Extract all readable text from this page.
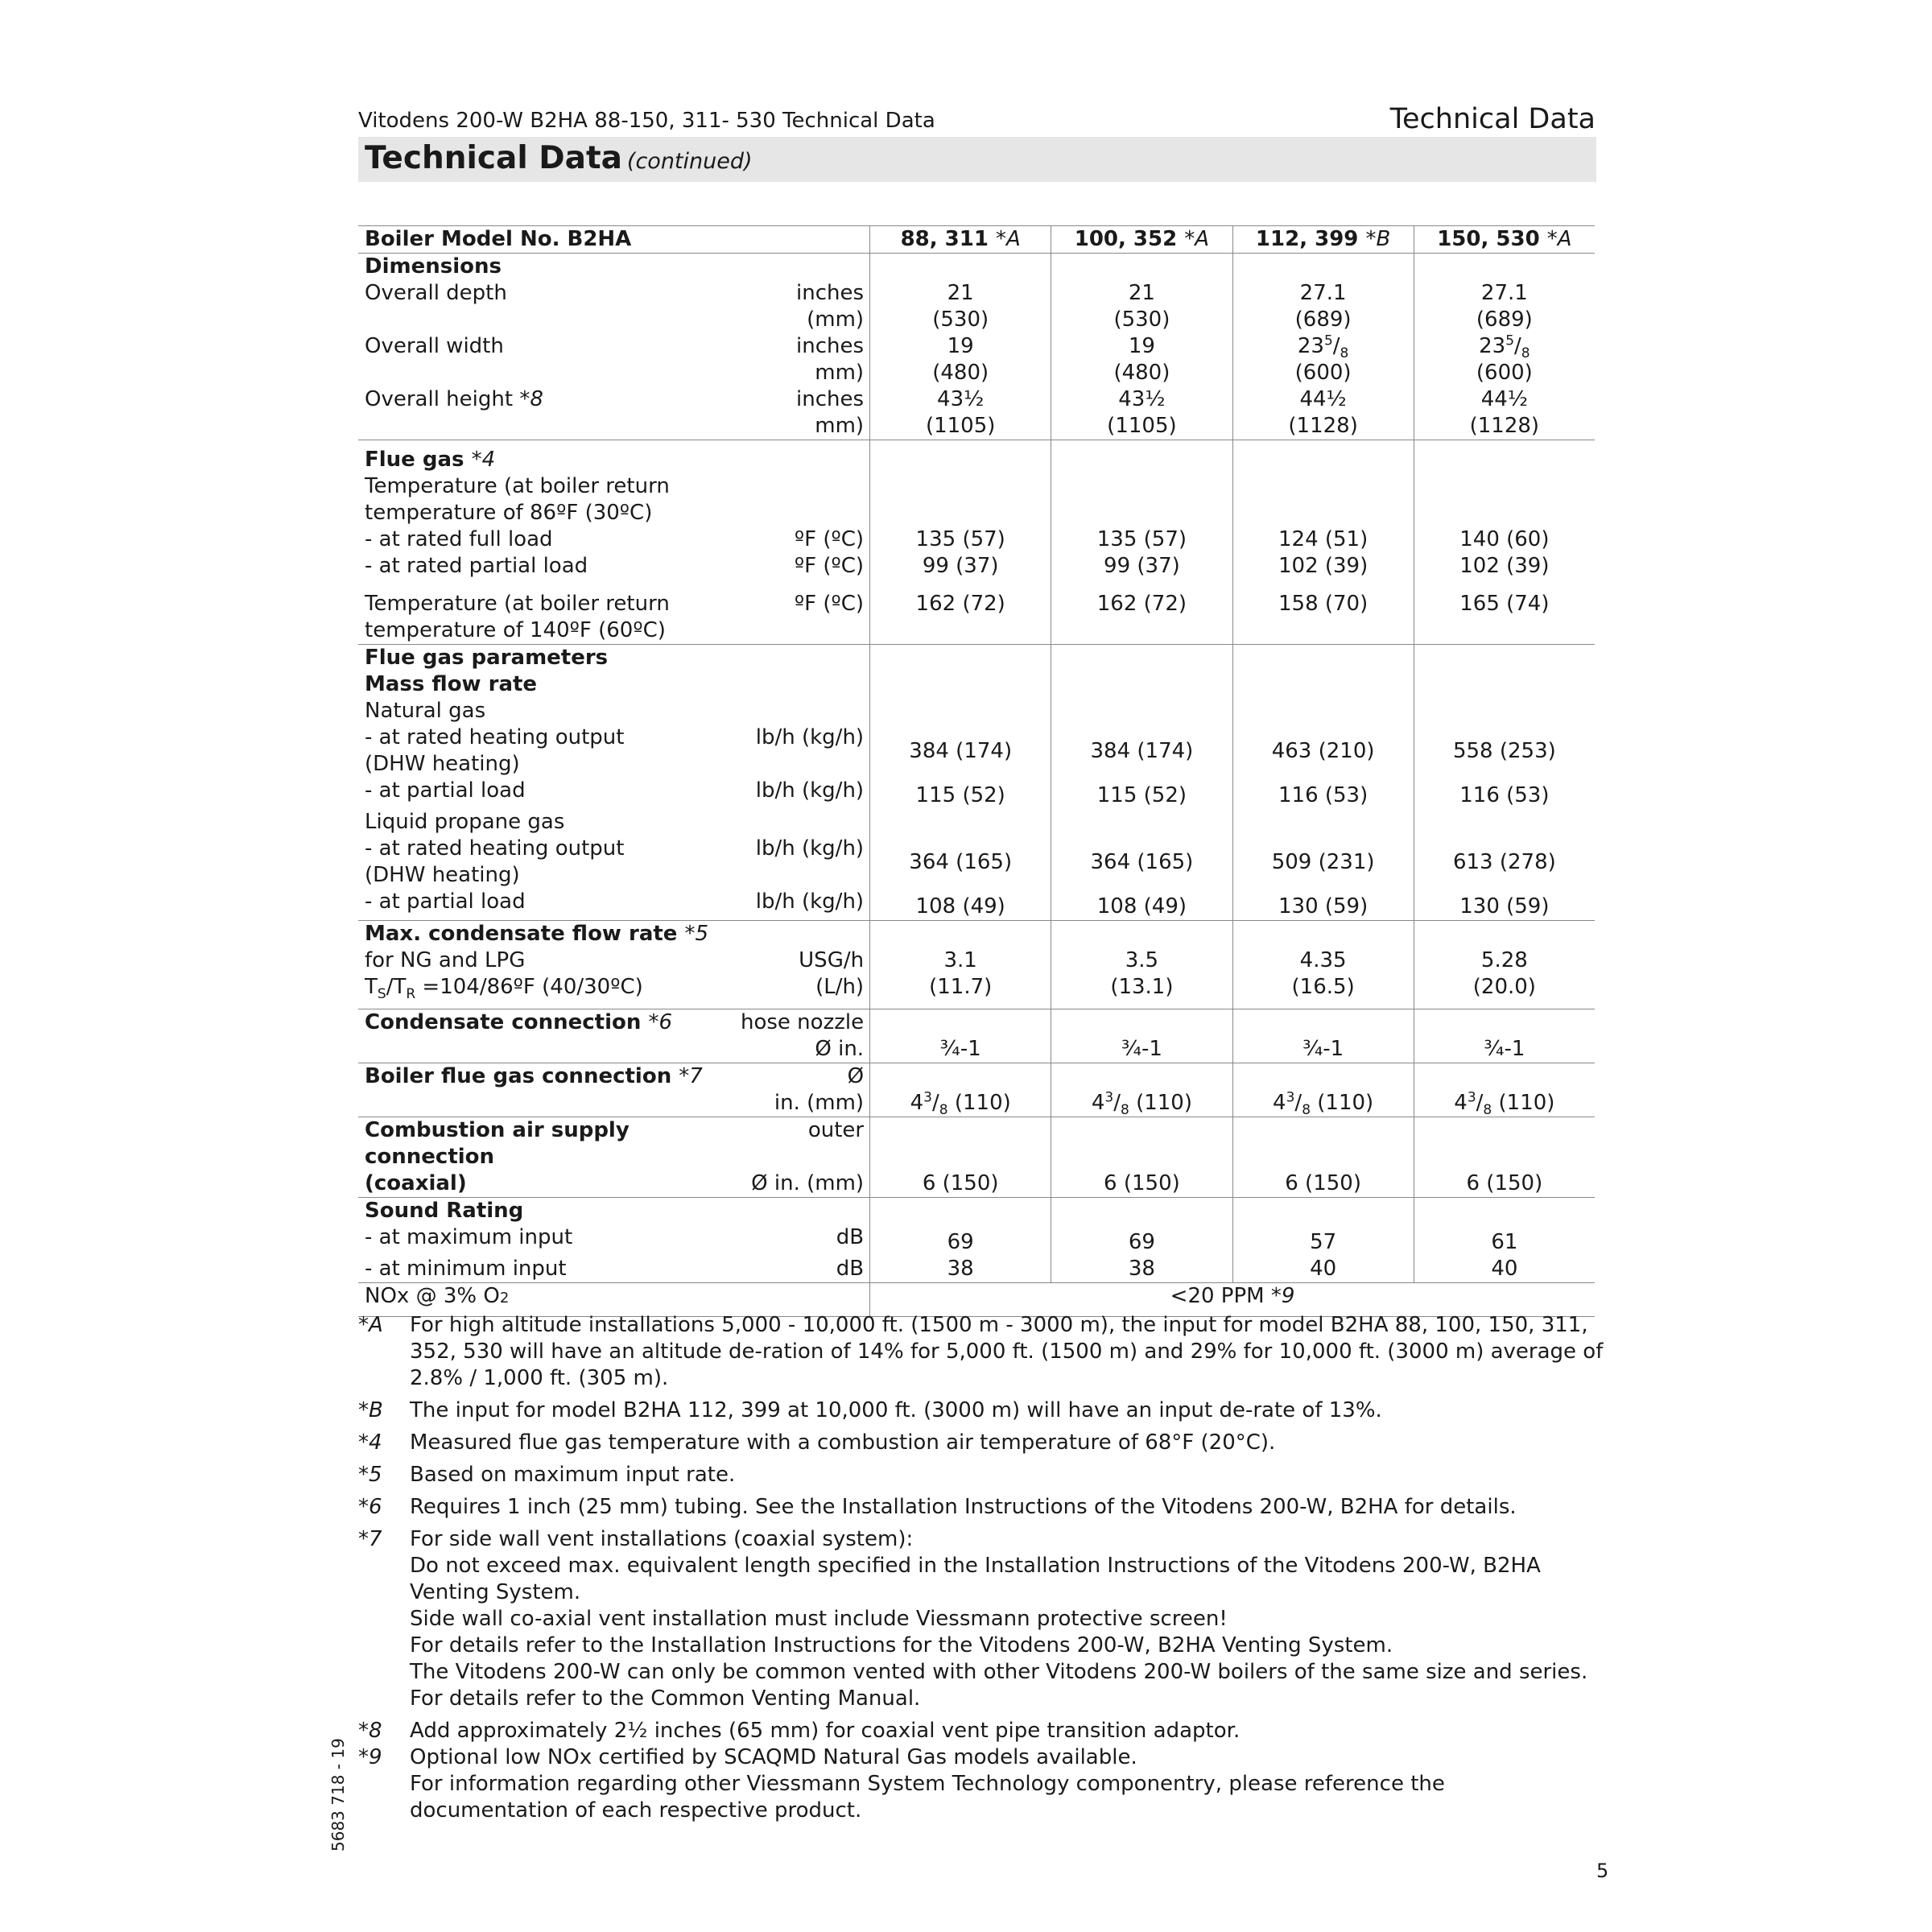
Vitodens 200-W B2HA 88-150, 311- 530 Technical Data	Technical Data
Technical Data (continued)
Boiler Model No. B2HA		88, 311 *A	100, 352 *A	112, 399 *B	150, 530 *A
Dimensions					
Overall depth	inches	21	21	27.1	27.1
	(mm)	(530)	(530)	(689)	(689)
Overall width	inches	19	19	$23^5/_8$	$23^5/_8$
	mm)	(480)	(480)	(600)	(600)
Overall height *8	inches	43½	43½	44½	44½
	mm)	(1105)	(1105)	(1128)	(1128)
Flue gas *4					
Temperature (at boiler return					
temperature of 86ºF (30ºC)					
- at rated full load	ºF (ºC)	135 (57)	135 (57)	124 (51)	140 (60)
- at rated partial load	ºF (ºC)	99 (37)	99 (37)	102 (39)	102 (39)
Temperature (at boiler return	ºF (ºC)	162 (72)	162 (72)	158 (70)	165 (74)
temperature of 140ºF (60ºC)					
Flue gas parameters					
Mass flow rate					
Natural gas					
- at rated heating output	lb/h (kg/h)	384 (174)	384 (174)	463 (210)	558 (253)
(DHW heating)					
- at partial load	lb/h (kg/h)	115 (52)	115 (52)	116 (53)	116 (53)
Liquid propane gas					
- at rated heating output	lb/h (kg/h)	364 (165)	364 (165)	509 (231)	613 (278)
(DHW heating)					
- at partial load	lb/h (kg/h)	108 (49)	108 (49)	130 (59)	130 (59)
Max. condensate flow rate *5					
for NG and LPG	USG/h	3.1	3.5	4.35	5.28
$T_S/T_R$ =104/86ºF (40/30ºC)	(L/h)	(11.7)	(13.1)	(16.5)	(20.0)
Condensate connection *6	hose nozzle				
	Ø in.	¾-1	¾-1	¾-1	¾-1
Boiler flue gas connection *7	Ø				
	in. (mm)	$4^3/_8$ (110)	$4^3/_8$ (110)	$4^3/_8$ (110)	$4^3/_8$ (110)
Combustion air supply connection	outer				
(coaxial)	Ø in. (mm)	6 (150)	6 (150)	6 (150)	6 (150)
Sound Rating					
- at maximum input	dB	69	69	57	61
- at minimum input	dB	38	38	40	40
NOx @ 3% O2		<20 PPM *9			
*A	For high altitude installations 5,000 - 10,000 ft. (1500 m - 3000 m), the input for model B2HA 88, 100, 150, 311, 352, 530 will have an altitude de-ration of 14% for 5,000 ft. (1500 m) and 29% for 10,000 ft. (3000 m) average of 2.8% / 1,000 ft. (305 m).
*B	The input for model B2HA 112, 399 at 10,000 ft. (3000 m) will have an input de-rate of 13%.
*4	Measured flue gas temperature with a combustion air temperature of 68°F (20°C).
*5	Based on maximum input rate.
*6	Requires 1 inch (25 mm) tubing. See the Installation Instructions of the Vitodens 200-W, B2HA for details.
*7	For side wall vent installations (coaxial system):
Do not exceed max. equivalent length specified in the Installation Instructions of the Vitodens 200-W, B2HA Venting System.
Side wall co-axial vent installation must include Viessmann protective screen!
For details refer to the Installation Instructions for the Vitodens 200-W, B2HA Venting System.
The Vitodens 200-W can only be common vented with other Vitodens 200-W boilers of the same size and series.
For details refer to the Common Venting Manual.
*8	Add approximately 2½ inches (65 mm) for coaxial vent pipe transition adaptor.
*9	Optional low NOx certified by SCAQMD Natural Gas models available.
For information regarding other Viessmann System Technology componentry, please reference the documentation of each respective product.
5683 718 - 19
5
